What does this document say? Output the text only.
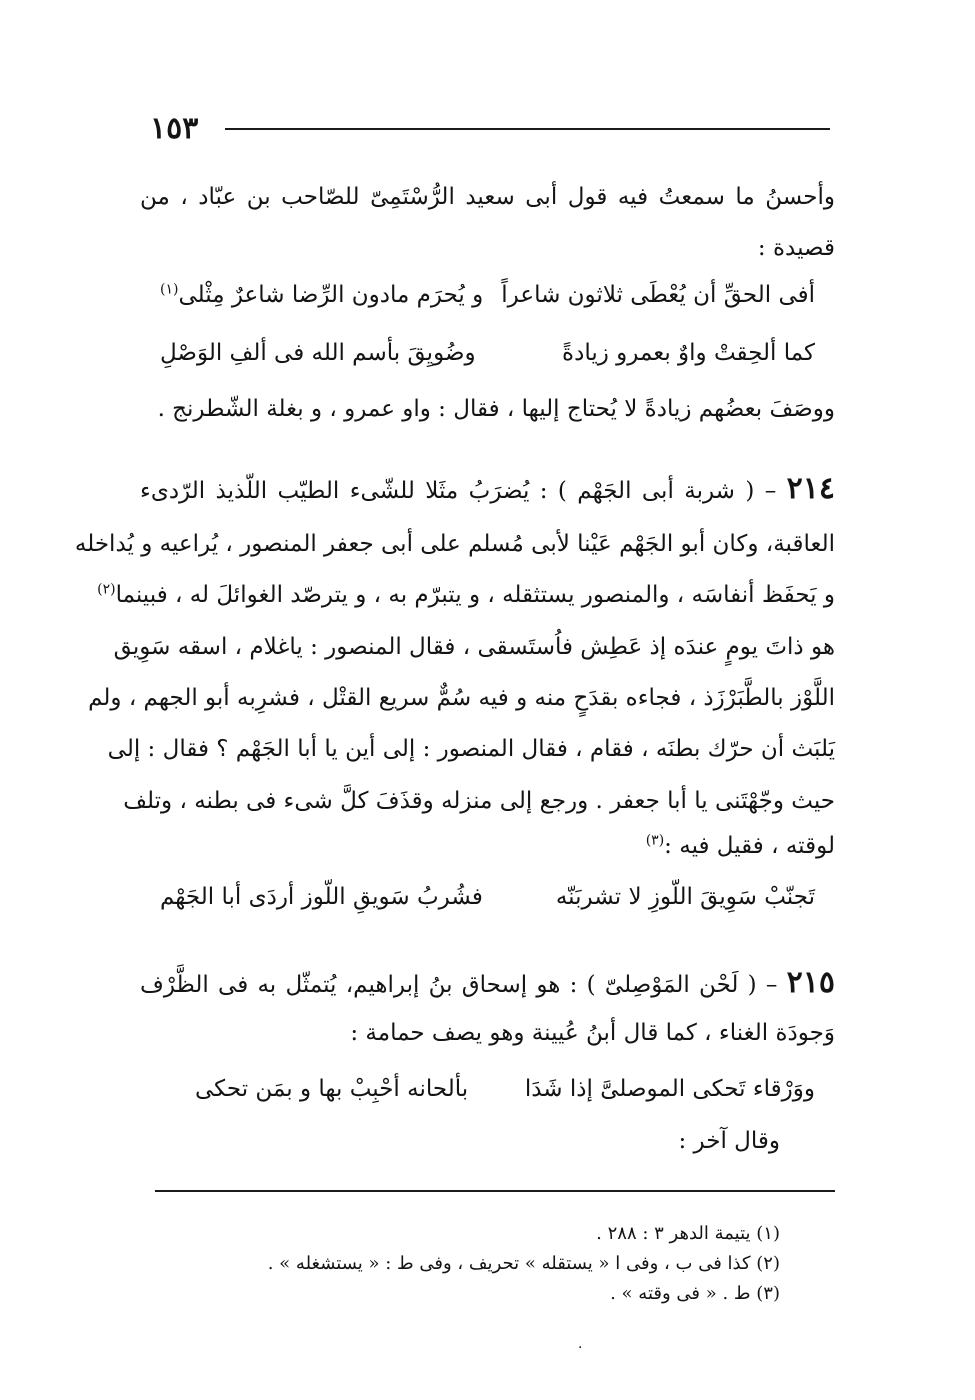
١٥٣
وأحسنُ ما سمعتُ فيه قول أبى سعيد الرُّسْتَمِىّ للصّاحب بن عبّاد ، من
قصيدة :
أفى الحقِّ أن يُعْطَى ثلاثون شاعراً
و يُحرَم مادون الرِّضا شاعرٌ مِثْلى$^{(١)}$
كما ألحِقتْ واوٌ بعمرو زيادةً
وضُويِقَ بأسم الله فى ألفِ الوَصْلِ
ووصَفَ بعضُهم زيادةً لا يُحتاج إليها ، فقال : واو عمرو ، و بغلة الشّطرنج .
٢١٤ – ( شربة أبى الجَهْم ) : يُضرَبُ مثَلا للشّىء الطيّب اللّذيذ الرّدىء
العاقبة، وكان أبو الجَهْم عَيْنا لأبى مُسلم على أبى جعفر المنصور ، يُراعيه و يُداخله
و يَحفَظ أنفاسَه ، والمنصور يستثقله ، و يتبرّم به ، و يترصّد الغوائلَ له ، فبينما$^{(٢)}$
هو ذاتَ يومٍ عندَه إذ عَطِش فاُستَسقى ، فقال المنصور : ياغلام ، اسقه سَوِيق
اللَّوْز بالطَّبَرْزَذ ، فجاءه بقدَحٍ منه و فيه سُمٌّ سريع القتْل ، فشرِبه أبو الجهم ، ولم
يَلبَث أن حرّك بطنَه ، فقام ، فقال المنصور : إلى أين يا أبا الجَهْم ؟ فقال : إلى
حيث وجّهْتَنى يا أبا جعفر . ورجع إلى منزله وقذَفَ كلَّ شىء فى بطنه ، وتلف
لوقته ، فقيل فيه :$^{(٣)}$
تَجنّبْ سَوِيقَ اللّوزِ لا تشربَنّه
فشُربُ سَويقِ اللّوز أردَى أبا الجَهْم
٢١٥ – ( لَحْن المَوْصِلىّ ) : هو إسحاق بنُ إبراهيم، يُتمثّل به فى الظَّرْف
وَجودَة الغناء ، كما قال أبنُ عُيينة وهو يصف حمامة :
ووَرْقاء تَحكى الموصلىَّ إذا شَدَا
بألحانه أحْبِبْ بها و بمَن تحكى
وقال آخر :
(١) يتيمة الدهر ٣ : ٢٨٨ .
(٢) كذا فى ب ، وفى ا « يستقله » تحريف ، وفى ط : « يستشغله » .
(٣) ط . « فى وقته » .
·
